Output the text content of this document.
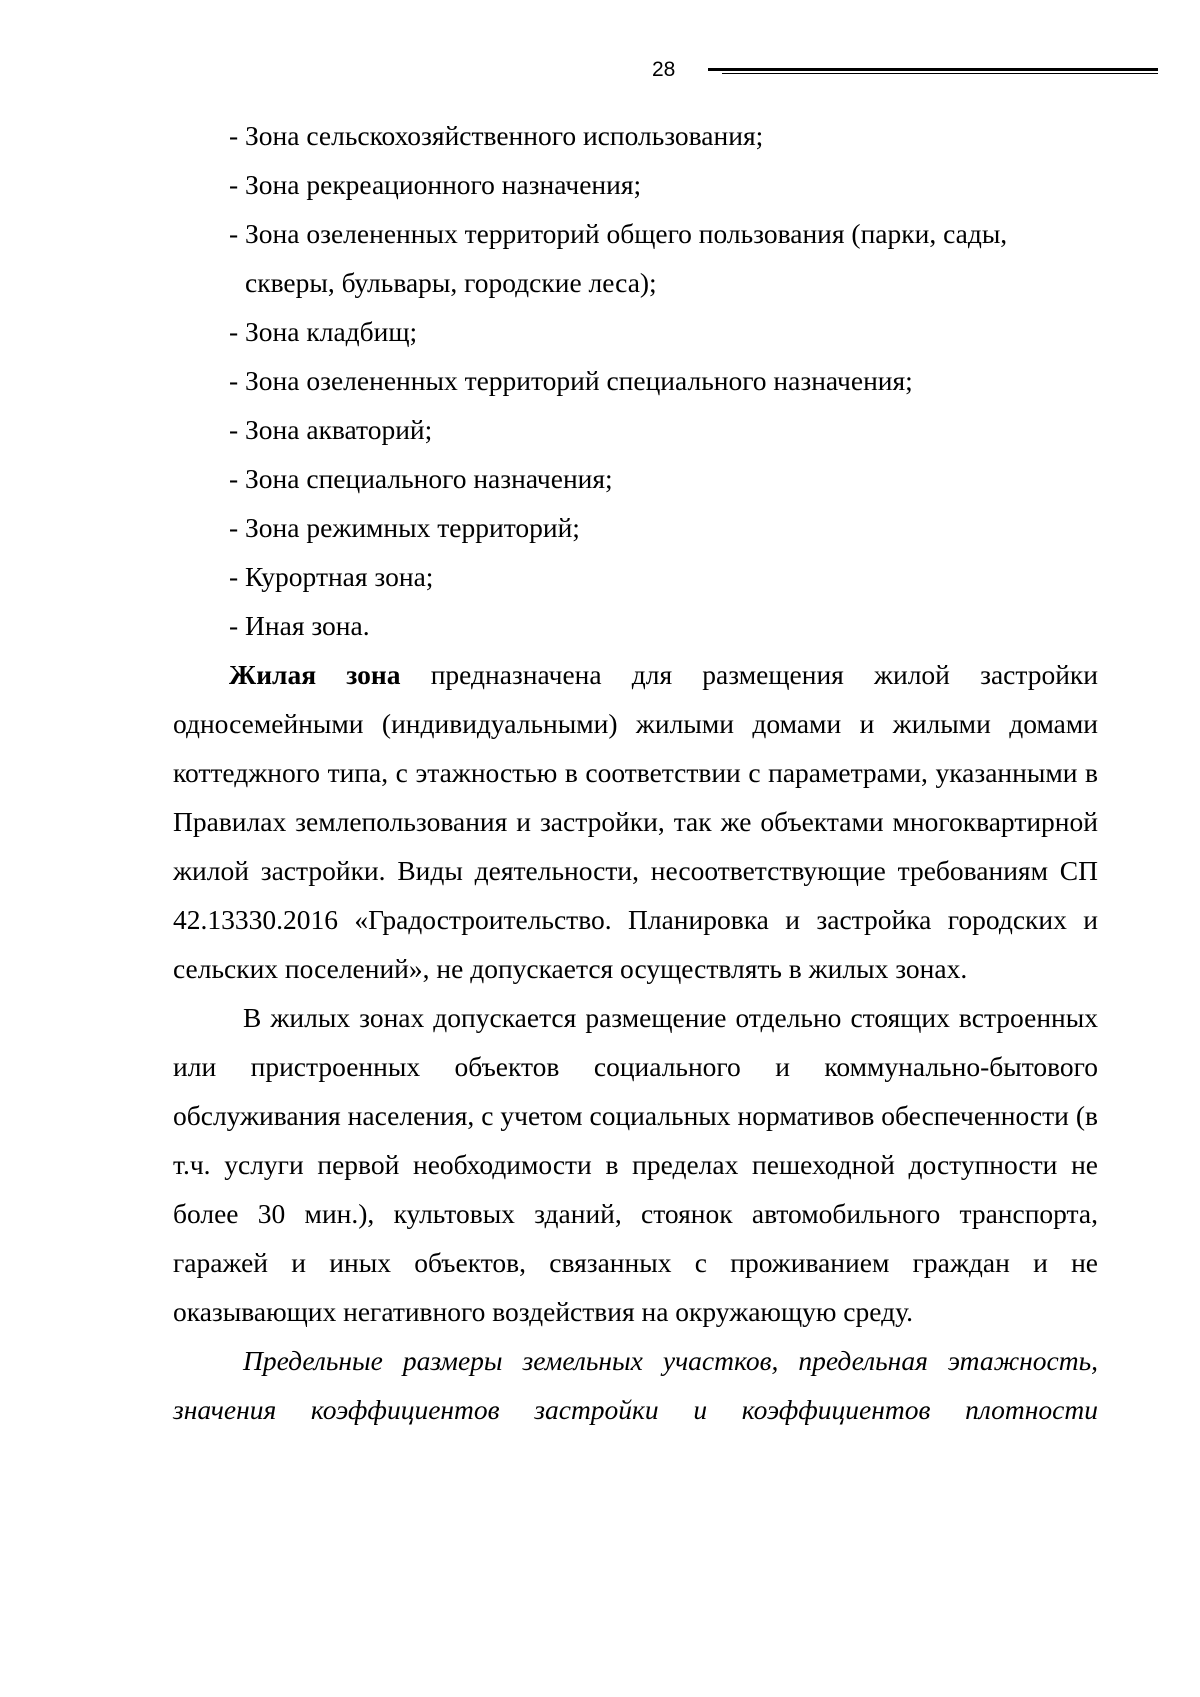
28
- Зона сельскохозяйственного использования;
- Зона рекреационного назначения;
- Зона озелененных территорий общего пользования (парки, сады,
скверы, бульвары, городские леса);
- Зона кладбищ;
- Зона озелененных территорий специального назначения;
- Зона акваторий;
- Зона специального назначения;
- Зона режимных территорий;
- Курортная зона;
- Иная зона.

Жилая зона предназначена для размещения жилой застройки односемейными (индивидуальными) жилыми домами и жилыми домами коттеджного типа, с этажностью в соответствии с параметрами, указанными в Правилах землепользования и застройки, так же объектами многоквартирной жилой застройки. Виды деятельности, несоответствующие требованиям СП 42.13330.2016 «Градостроительство. Планировка и застройка городских и сельских поселений», не допускается осуществлять в жилых зонах.

В жилых зонах допускается размещение отдельно стоящих встроенных или пристроенных объектов социального и коммунально-бытового обслуживания населения, с учетом социальных нормативов обеспеченности (в т.ч. услуги первой необходимости в пределах пешеходной доступности не более 30 мин.), культовых зданий, стоянок автомобильного транспорта, гаражей и иных объектов, связанных с проживанием граждан и не оказывающих негативного воздействия на окружающую среду.

Предельные размеры земельных участков, предельная этажность, значения коэффициентов застройки и коэффициентов плотности
